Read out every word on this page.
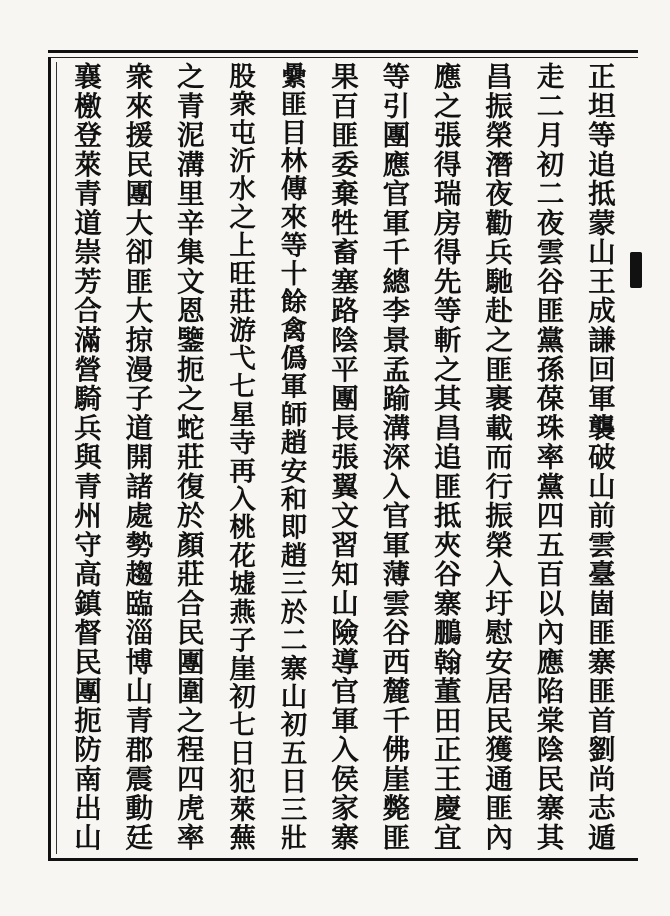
正坦等追抵蒙山王成謙回軍襲破山前雲臺崮匪寨匪首劉尚志遁
走二月初二夜雲谷匪黨孫葆珠率黨四五百以內應陷棠陰民寨其
昌振榮潛夜勸兵馳赴之匪裹載而行振榮入圩慰安居民獲通匪內
應之張得瑞房得先等斬之其昌追匪抵夾谷寨鵬翰董田正王慶宜
等引團應官軍千總李景孟踰溝深入官軍薄雲谷西麓千佛崖斃匪
果百匪委棄牲畜塞路陰平團長張翼文習知山險導官軍入侯家寨
纍匪目林傳來等十餘禽僞軍師趙安和即趙三於二寨山初五日三壯
股衆屯沂水之上旺莊游弋七星寺再入桃花墟燕子崖初七日犯萊蕪
之青泥溝里辛集文恩鑒扼之蛇莊復於顏莊合民團圍之程四虎率
衆來援民團大卻匪大掠漫子道開諸處勢趨臨淄博山青郡震動廷
襄檄登萊青道崇芳合滿營騎兵與青州守高鎮督民團扼防南出山
